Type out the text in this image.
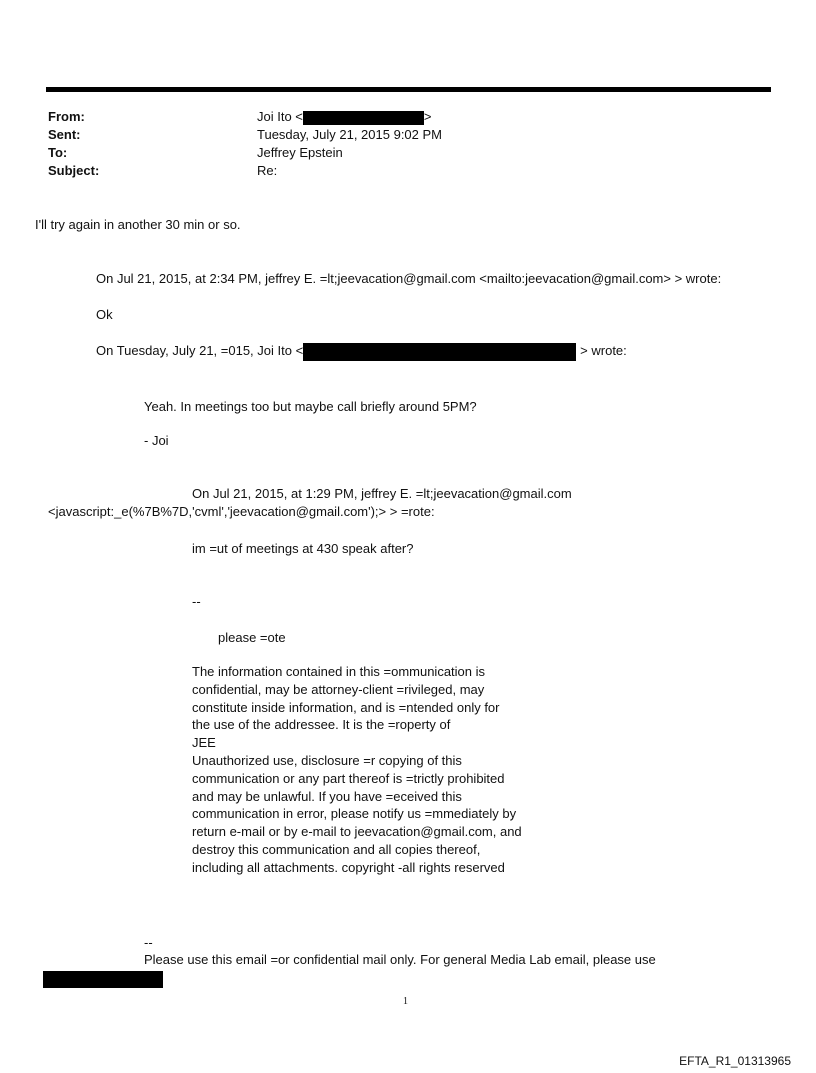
From:
Sent:
To:
Subject:
Joi Ito <	>
Tuesday, July 21, 2015 9:02 PM
Jeffrey Epstein
Re:
I'll try again in another 30 min or so.
On Jul 21, 2015, at 2:34 PM, jeffrey E. =lt;jeevacation@gmail.com <mailto:jeevacation@gmail.com> > wrote:
Ok
On Tuesday, July 21, =015, Joi Ito <	> wrote:
Yeah. In meetings too but maybe call briefly around 5PM?
- Joi
On Jul 21, 2015, at 1:29 PM, jeffrey E. =lt;jeevacation@gmail.com
<javascript:_e(%7B%7D,'cvml','jeevacation@gmail.com');> > =rote:
im =ut of meetings at 430 speak after?
--
please =ote
The information contained in this =ommunication is
confidential, may be attorney-client =rivileged, may
constitute inside information, and is =ntended only for
the use of the addressee. It is the =roperty of
JEE
Unauthorized use, disclosure =r copying of this
communication or any part thereof is =trictly prohibited
and may be unlawful. If you have =eceived this
communication in error, please notify us =mmediately by
return e-mail or by e-mail to jeevacation@gmail.com, and
destroy this communication and all copies thereof,
including all attachments. copyright -all rights reserved
--
Please use this email =or confidential mail only. For general Media Lab email, please use
1
EFTA_R1_01313965
